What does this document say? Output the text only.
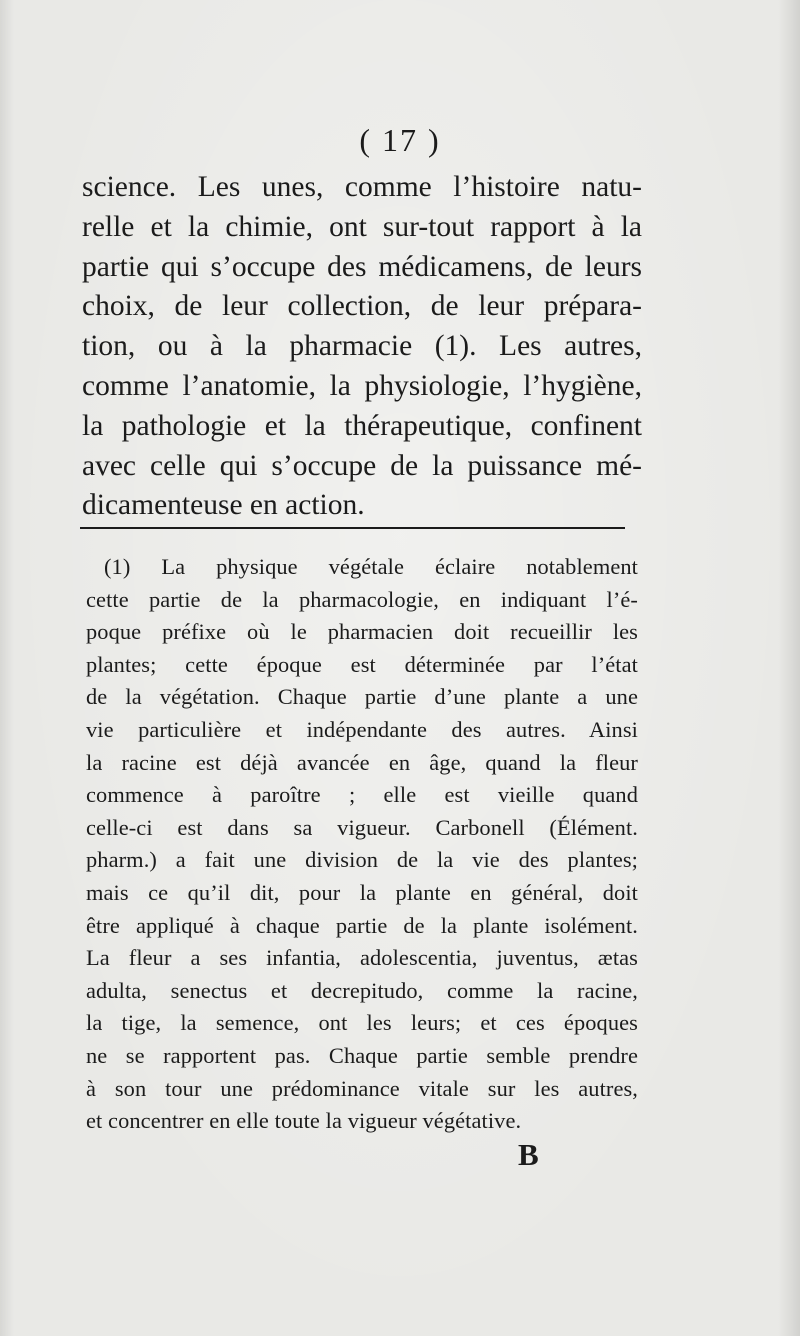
( 17 )
science. Les unes, comme l’histoire natu-
relle et la chimie, ont sur-tout rapport à la
partie qui s’occupe des médicamens, de leurs
choix, de leur collection, de leur prépara-
tion, ou à la pharmacie (1). Les autres,
comme l’anatomie, la physiologie, l’hygiène,
la pathologie et la thérapeutique, confinent
avec celle qui s’occupe de la puissance mé-
dicamenteuse en action.
(1) La physique végétale éclaire notablement
cette partie de la pharmacologie, en indiquant l’é-
poque préfixe où le pharmacien doit recueillir les
plantes; cette époque est déterminée par l’état
de la végétation. Chaque partie d’une plante a une
vie particulière et indépendante des autres. Ainsi
la racine est déjà avancée en âge, quand la fleur
commence à paroître ; elle est vieille quand
celle-ci est dans sa vigueur. Carbonell (Élément.
pharm.) a fait une division de la vie des plantes;
mais ce qu’il dit, pour la plante en général, doit
être appliqué à chaque partie de la plante isolément.
La fleur a ses infantia, adolescentia, juventus, ætas
adulta, senectus et decrepitudo, comme la racine,
la tige, la semence, ont les leurs; et ces époques
ne se rapportent pas. Chaque partie semble prendre
à son tour une prédominance vitale sur les autres,
et concentrer en elle toute la vigueur végétative.
B
